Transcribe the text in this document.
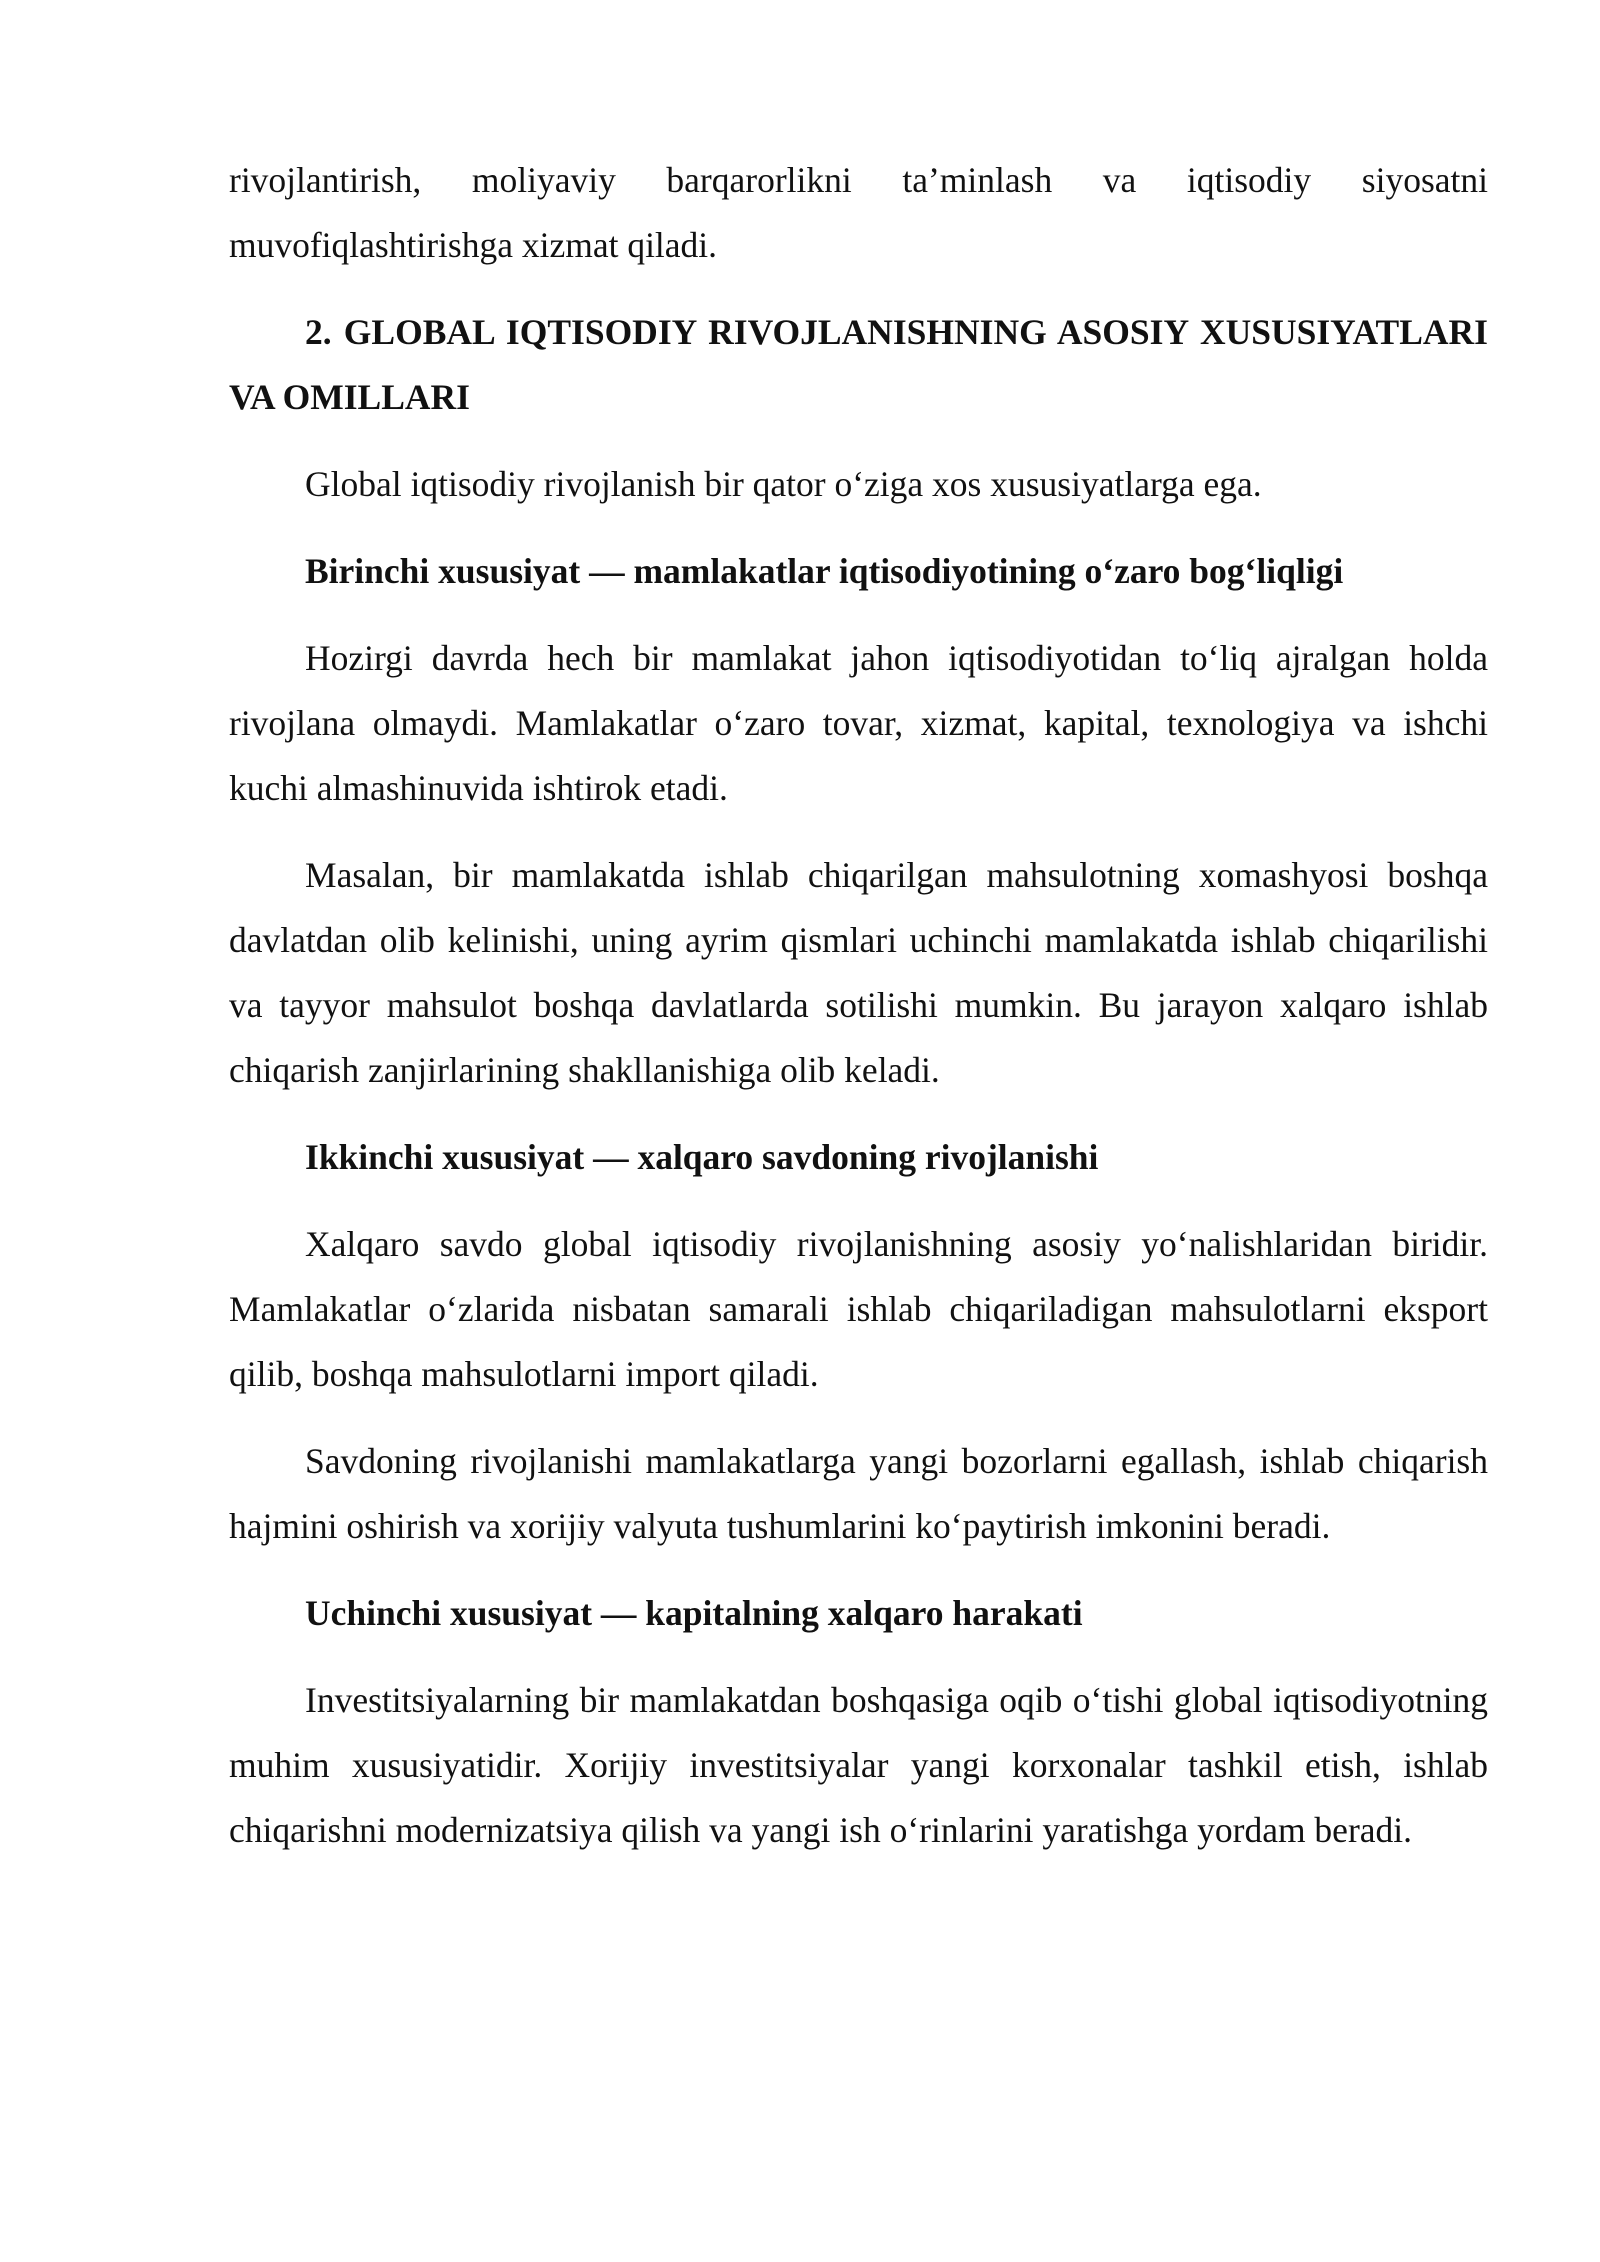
rivojlantirish, moliyaviy barqarorlikni ta’minlash va iqtisodiy siyosatni muvofiqlashtirishga xizmat qiladi.

2. GLOBAL IQTISODIY RIVOJLANISHNING ASOSIY XUSUSIYATLARI VA OMILLARI

Global iqtisodiy rivojlanish bir qator o‘ziga xos xususiyatlarga ega.

Birinchi xususiyat — mamlakatlar iqtisodiyotining o‘zaro bog‘liqligi

Hozirgi davrda hech bir mamlakat jahon iqtisodiyotidan to‘liq ajralgan holda rivojlana olmaydi. Mamlakatlar o‘zaro tovar, xizmat, kapital, texnologiya va ishchi kuchi almashinuvida ishtirok etadi.

Masalan, bir mamlakatda ishlab chiqarilgan mahsulotning xomashyosi boshqa davlatdan olib kelinishi, uning ayrim qismlari uchinchi mamlakatda ishlab chiqarilishi va tayyor mahsulot boshqa davlatlarda sotilishi mumkin. Bu jarayon xalqaro ishlab chiqarish zanjirlarining shakllanishiga olib keladi.

Ikkinchi xususiyat — xalqaro savdoning rivojlanishi

Xalqaro savdo global iqtisodiy rivojlanishning asosiy yo‘nalishlaridan biridir. Mamlakatlar o‘zlarida nisbatan samarali ishlab chiqariladigan mahsulotlarni eksport qilib, boshqa mahsulotlarni import qiladi.

Savdoning rivojlanishi mamlakatlarga yangi bozorlarni egallash, ishlab chiqarish hajmini oshirish va xorijiy valyuta tushumlarini ko‘paytirish imkonini beradi.

Uchinchi xususiyat — kapitalning xalqaro harakati

Investitsiyalarning bir mamlakatdan boshqasiga oqib o‘tishi global iqtisodiyotning muhim xususiyatidir. Xorijiy investitsiyalar yangi korxonalar tashkil etish, ishlab chiqarishni modernizatsiya qilish va yangi ish o‘rinlarini yaratishga yordam beradi.
